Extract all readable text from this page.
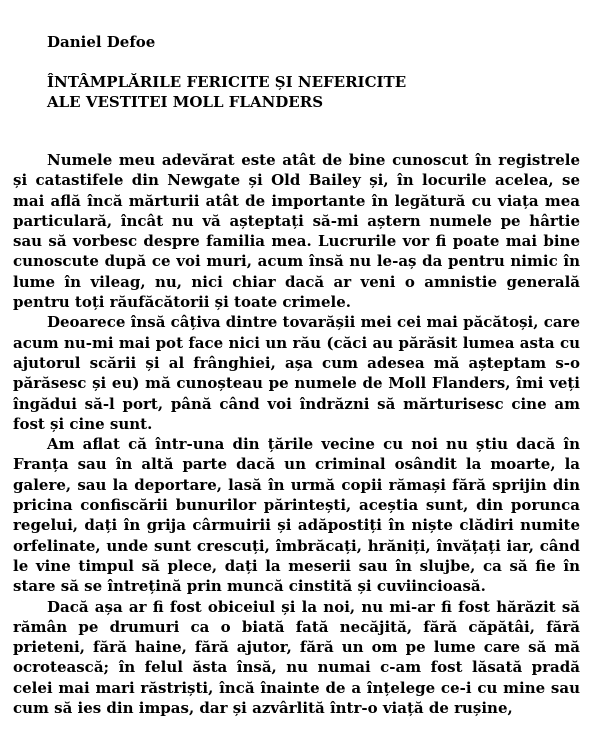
Daniel Defoe

ÎNTÂMPLĂRILE FERICITE ȘI NEFERICITE
ALE VESTITEI MOLL FLANDERS

Numele meu adevărat este atât de bine cunoscut în registrele și catastifele din Newgate și Old Bailey și, în locurile acelea, se mai află încă mărturii atât de importante în legătură cu viața mea particulară, încât nu vă așteptați să-mi aștern numele pe hârtie sau să vorbesc despre familia mea. Lucrurile vor fi poate mai bine cunoscute după ce voi muri, acum însă nu le-aș da pentru nimic în lume în vileag, nu, nici chiar dacă ar veni o amnistie generală pentru toți răufăcătorii și toate crimele.

Deoarece însă câțiva dintre tovarășii mei cei mai păcătoși, care acum nu-mi mai pot face nici un rău (căci au părăsit lumea asta cu ajutorul scării și al frânghiei, așa cum adesea mă așteptam s-o părăsesc și eu) mă cunoșteau pe numele de Moll Flanders, îmi veți îngădui să-l port, până când voi îndrăzni să mărturisesc cine am fost și cine sunt.

Am aflat că într-una din țările vecine cu noi nu știu dacă în Franța sau în altă parte dacă un criminal osândit la moarte, la galere, sau la deportare, lasă în urmă copii rămași fără sprijin din pricina confiscării bunurilor părintești, aceștia sunt, din porunca regelui, dați în grija cârmuirii și adăpostiți în niște clădiri numite orfelinate, unde sunt crescuți, îmbrăcați, hrăniți, învățați iar, când le vine timpul să plece, dați la meserii sau în slujbe, ca să fie în stare să se întrețină prin muncă cinstită și cuviincioasă.

Dacă așa ar fi fost obiceiul și la noi, nu mi-ar fi fost hărăzit să rămân pe drumuri ca o biată fată necăjită, fără căpătâi, fără prieteni, fără haine, fără ajutor, fără un om pe lume care să mă ocrotească; în felul ăsta însă, nu numai c-am fost lăsată pradă celei mai mari răstriști, încă înainte de a înțelege ce-i cu mine sau cum să ies din impas, dar și azvârlită într-o viață de rușine,
